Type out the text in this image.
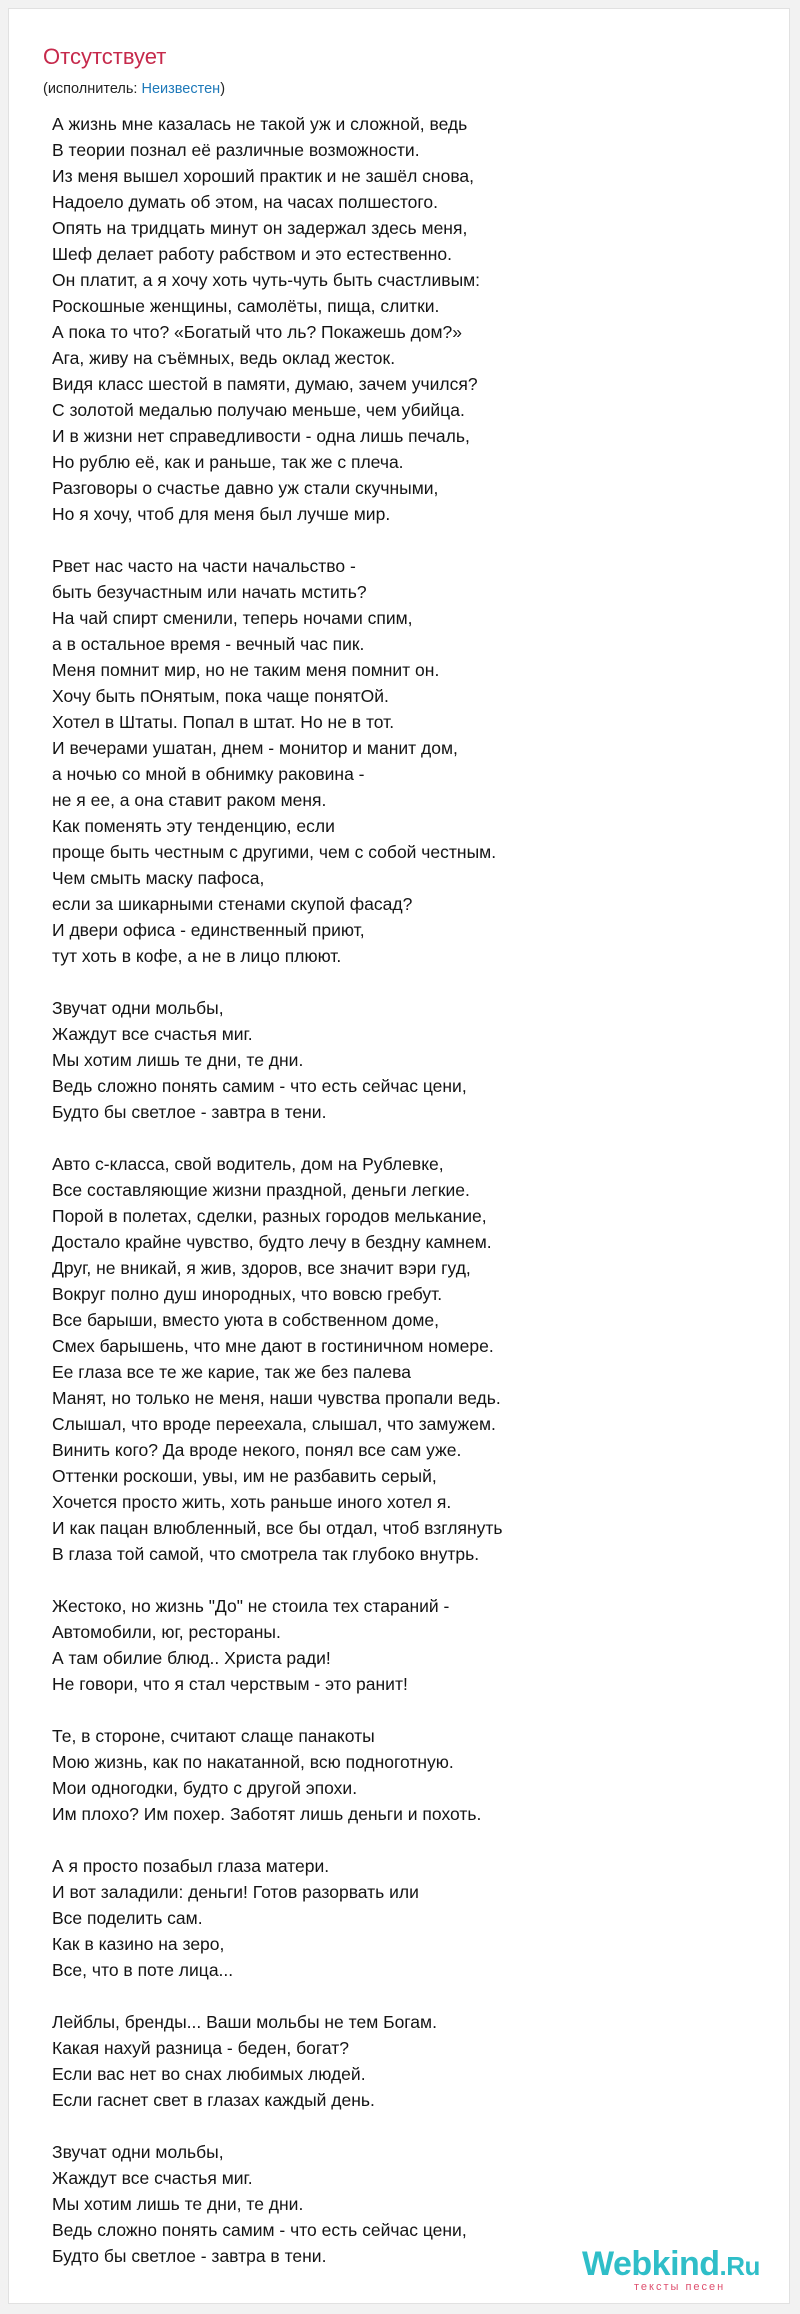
Отсутствует
(исполнитель: Неизвестен)
А жизнь мне казалась не такой уж и сложной, ведь
В теории познал её различные возможности.
Из меня вышел хороший практик и не зашёл снова,
Надоело думать об этом, на часах полшестого.
Опять на тридцать минут он задержал здесь меня,
Шеф делает работу рабством и это естественно.
Он платит, а я хочу хоть чуть-чуть быть счастливым:
Роскошные женщины, самолёты, пища, слитки.
А пока то что? «Богатый что ль? Покажешь дом?»
Ага, живу на съёмных, ведь оклад жесток.
Видя класс шестой в памяти, думаю, зачем учился?
С золотой медалью получаю меньше, чем убийца.
И в жизни нет справедливости - одна лишь печаль,
Но рублю её, как и раньше, так же с плеча.
Разговоры о счастье давно уж стали скучными,
Но я хочу, чтоб для меня был лучше мир.
Рвет нас часто на части начальство -
быть безучастным или начать мстить?
На чай спирт сменили, теперь ночами спим,
а в остальное время - вечный час пик.
Меня помнит мир, но не таким меня помнит он.
Хочу быть пОнятым, пока чаще понятОй.
Хотел в Штаты. Попал в штат. Но не в тот.
И вечерами ушатан, днем - монитор и манит дом,
а ночью со мной в обнимку раковина -
не я ее, а она ставит раком меня.
Как поменять эту тенденцию, если
проще быть честным с другими, чем с собой честным.
Чем смыть маску пафоса,
если за шикарными стенами скупой фасад?
И двери офиса - единственный приют,
тут хоть в кофе, а не в лицо плюют.
Звучат одни мольбы,
Жаждут все счастья миг.
Мы хотим лишь те дни, те дни.
Ведь сложно понять самим - что есть сейчас цени,
Будто бы светлое - завтра в тени.
Авто с-класса, свой водитель, дом на Рублевке,
Все составляющие жизни праздной, деньги легкие.
Порой в полетах, сделки, разных городов мелькание,
Достало крайне чувство, будто лечу в бездну камнем.
Друг, не вникай, я жив, здоров, все значит вэри гуд,
Вокруг полно душ инородных, что вовсю гребут.
Все барыши, вместо уюта в собственном доме,
Смех барышень, что мне дают в гостиничном номере.
Ее глаза все те же карие, так же без палева
Манят, но только не меня, наши чувства пропали ведь.
Слышал, что вроде переехала, слышал, что замужем.
Винить кого? Да вроде некого, понял все сам уже.
Оттенки роскоши, увы, им не разбавить серый,
Хочется просто жить, хоть раньше иного хотел я.
И как пацан влюбленный, все бы отдал, чтоб взглянуть
В глаза той самой, что смотрела так глубоко внутрь.
Жестоко, но жизнь "До" не стоила тех стараний -
Автомобили, юг, рестораны.
А там обилие блюд.. Христа ради!
Не говори, что я стал черствым - это ранит!
Те, в стороне, считают слаще панакоты
Мою жизнь, как по накатанной, всю подноготную.
Мои одногодки, будто с другой эпохи.
Им плохо? Им похер. Заботят лишь деньги и похоть.
А я просто позабыл глаза матери.
И вот заладили: деньги! Готов разорвать или
Все поделить сам.
Как в казино на зеро,
Все, что в поте лица...
Лейблы, бренды... Ваши мольбы не тем Богам.
Какая нахуй разница - беден, богат?
Если вас нет во снах любимых людей.
Если гаснет свет в глазах каждый день.
Звучат одни мольбы,
Жаждут все счастья миг.
Мы хотим лишь те дни, те дни.
Ведь сложно понять самим - что есть сейчас цени,
Будто бы светлое - завтра в тени.	Webkind.Ru
тексты песен
